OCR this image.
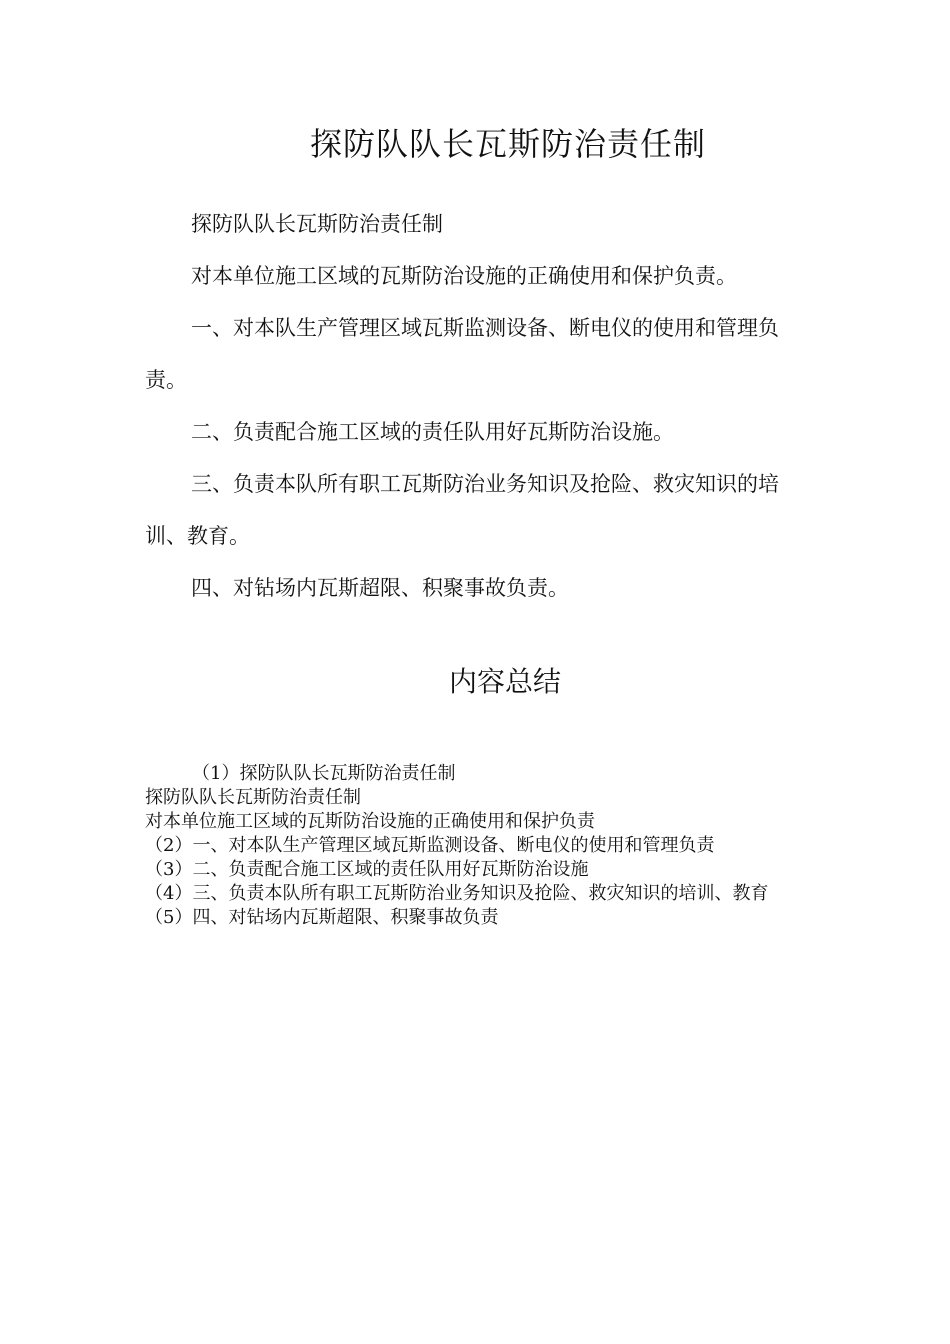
探防队队长瓦斯防治责任制

探防队队长瓦斯防治责任制

对本单位施工区域的瓦斯防治设施的正确使用和保护负责。

一、对本队生产管理区域瓦斯监测设备、断电仪的使用和管理负责。

二、负责配合施工区域的责任队用好瓦斯防治设施。

三、负责本队所有职工瓦斯防治业务知识及抢险、救灾知识的培训、教育。

四、对钻场内瓦斯超限、积聚事故负责。

内容总结

（1）探防队队长瓦斯防治责任制

探防队队长瓦斯防治责任制

对本单位施工区域的瓦斯防治设施的正确使用和保护负责

（2）一、对本队生产管理区域瓦斯监测设备、断电仪的使用和管理负责

（3）二、负责配合施工区域的责任队用好瓦斯防治设施

（4）三、负责本队所有职工瓦斯防治业务知识及抢险、救灾知识的培训、教育

（5）四、对钻场内瓦斯超限、积聚事故负责
